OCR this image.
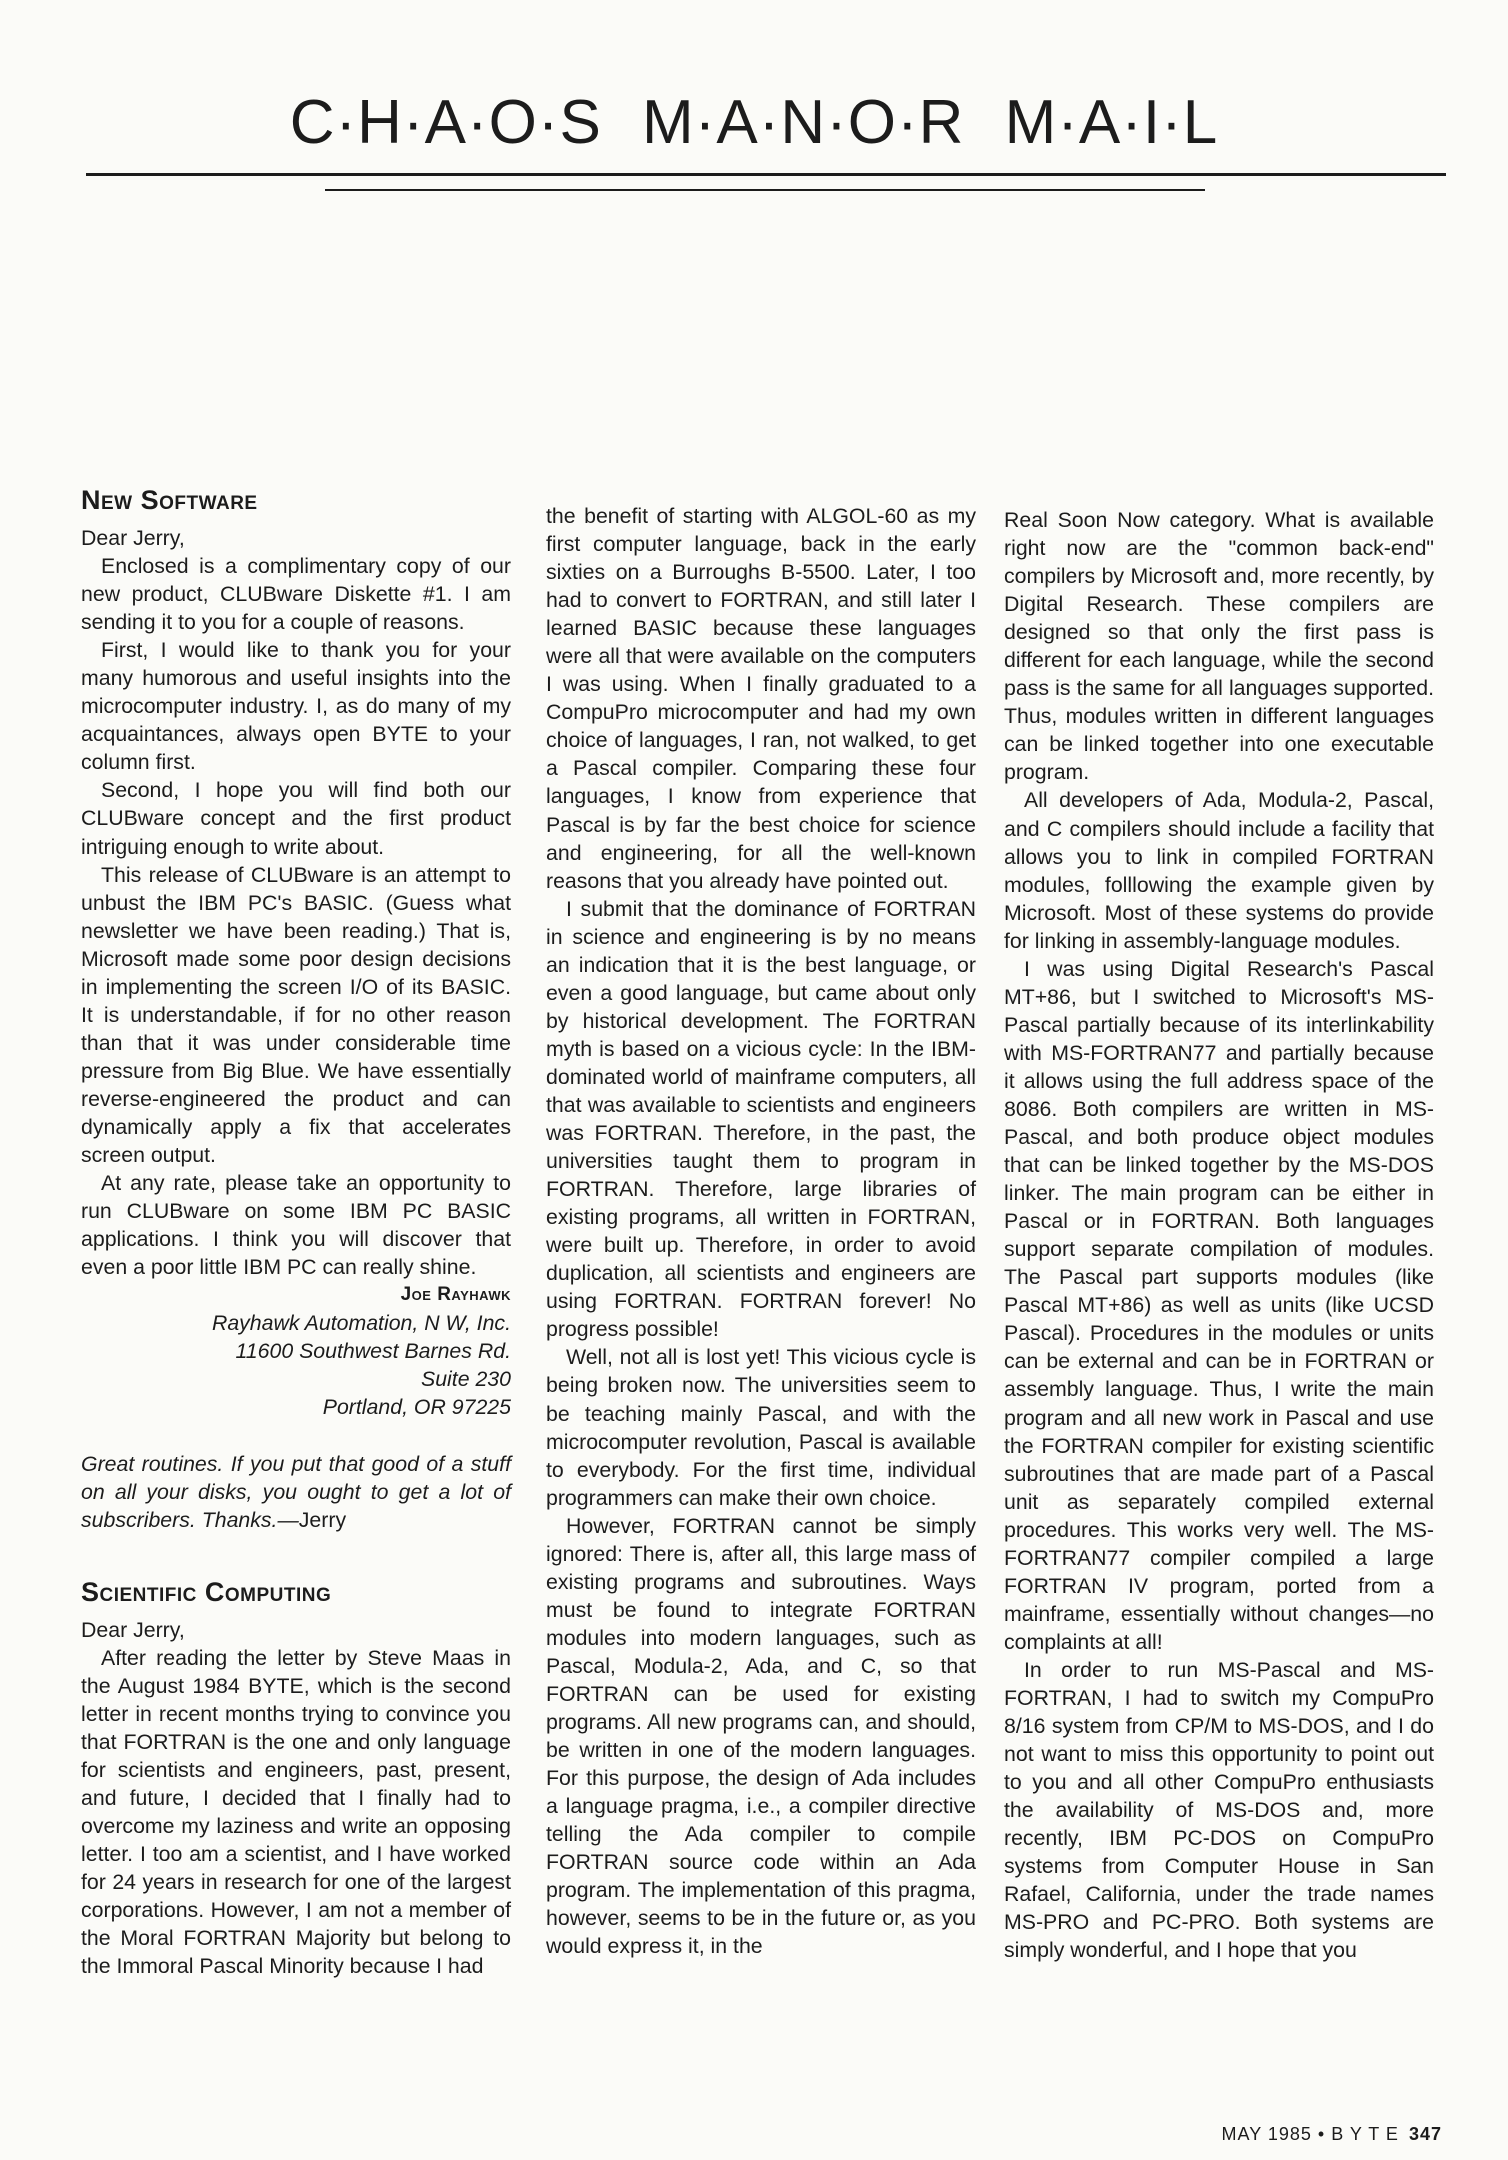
C·H·A·O·S M·A·N·O·R M·A·I·L
New Software

Dear Jerry,

Enclosed is a complimentary copy of our new product, CLUBware Diskette #1. I am sending it to you for a couple of reasons.

First, I would like to thank you for your many humorous and useful insights into the microcomputer industry. I, as do many of my acquaintances, always open BYTE to your column first.

Second, I hope you will find both our CLUBware concept and the first product intriguing enough to write about.

This release of CLUBware is an attempt to unbust the IBM PC's BASIC. (Guess what newsletter we have been reading.) That is, Microsoft made some poor design decisions in implementing the screen I/O of its BASIC. It is understandable, if for no other reason than that it was under considerable time pressure from Big Blue. We have essentially reverse-engineered the product and can dynamically apply a fix that accelerates screen output.

At any rate, please take an opportunity to run CLUBware on some IBM PC BASIC applications. I think you will discover that even a poor little IBM PC can really shine.

Joe Rayhawk

Rayhawk Automation, N W, Inc.

11600 Southwest Barnes Rd.

Suite 230

Portland, OR 97225

Great routines. If you put that good of a stuff on all your disks, you ought to get a lot of subscribers. Thanks.—Jerry

Scientific Computing

Dear Jerry,

After reading the letter by Steve Maas in the August 1984 BYTE, which is the second letter in recent months trying to convince you that FORTRAN is the one and only language for scientists and engineers, past, present, and future, I decided that I finally had to overcome my laziness and write an opposing letter. I too am a scientist, and I have worked for 24 years in research for one of the largest corporations. However, I am not a member of the Moral FORTRAN Majority but belong to the Immoral Pascal Minority because I had

the benefit of starting with ALGOL-60 as my first computer language, back in the early sixties on a Burroughs B-5500. Later, I too had to convert to FORTRAN, and still later I learned BASIC because these languages were all that were available on the computers I was using. When I finally graduated to a CompuPro microcomputer and had my own choice of languages, I ran, not walked, to get a Pascal compiler. Comparing these four languages, I know from experience that Pascal is by far the best choice for science and engineering, for all the well-known reasons that you already have pointed out.

I submit that the dominance of FORTRAN in science and engineering is by no means an indication that it is the best language, or even a good language, but came about only by historical development. The FORTRAN myth is based on a vicious cycle: In the IBM-dominated world of mainframe computers, all that was available to scientists and engineers was FORTRAN. Therefore, in the past, the universities taught them to program in FORTRAN. Therefore, large libraries of existing programs, all written in FORTRAN, were built up. Therefore, in order to avoid duplication, all scientists and engineers are using FORTRAN. FORTRAN forever! No progress possible!

Well, not all is lost yet! This vicious cycle is being broken now. The universities seem to be teaching mainly Pascal, and with the microcomputer revolution, Pascal is available to everybody. For the first time, individual programmers can make their own choice.

However, FORTRAN cannot be simply ignored: There is, after all, this large mass of existing programs and subroutines. Ways must be found to integrate FORTRAN modules into modern languages, such as Pascal, Modula-2, Ada, and C, so that FORTRAN can be used for existing programs. All new programs can, and should, be written in one of the modern languages. For this purpose, the design of Ada includes a language pragma, i.e., a compiler directive telling the Ada compiler to compile FORTRAN source code within an Ada program. The implementation of this pragma, however, seems to be in the future or, as you would express it, in the

Real Soon Now category. What is available right now are the "common back-end" compilers by Microsoft and, more recently, by Digital Research. These compilers are designed so that only the first pass is different for each language, while the second pass is the same for all languages supported. Thus, modules written in different languages can be linked together into one executable program.

All developers of Ada, Modula-2, Pascal, and C compilers should include a facility that allows you to link in compiled FORTRAN modules, folllowing the example given by Microsoft. Most of these systems do provide for linking in assembly-language modules.

I was using Digital Research's Pascal MT+86, but I switched to Microsoft's MS-Pascal partially because of its interlinkability with MS-FORTRAN77 and partially because it allows using the full address space of the 8086. Both compilers are written in MS-Pascal, and both produce object modules that can be linked together by the MS-DOS linker. The main program can be either in Pascal or in FORTRAN. Both languages support separate compilation of modules. The Pascal part supports modules (like Pascal MT+86) as well as units (like UCSD Pascal). Procedures in the modules or units can be external and can be in FORTRAN or assembly language. Thus, I write the main program and all new work in Pascal and use the FORTRAN compiler for existing scientific subroutines that are made part of a Pascal unit as separately compiled external procedures. This works very well. The MS-FORTRAN77 compiler compiled a large FORTRAN IV program, ported from a mainframe, essentially without changes—no complaints at all!

In order to run MS-Pascal and MS-FORTRAN, I had to switch my CompuPro 8/16 system from CP/M to MS-DOS, and I do not want to miss this opportunity to point out to you and all other CompuPro enthusiasts the availability of MS-DOS and, more recently, IBM PC-DOS on CompuPro systems from Computer House in San Rafael, California, under the trade names MS-PRO and PC-PRO. Both systems are simply wonderful, and I hope that you

MAY 1985 • B Y T E 347
